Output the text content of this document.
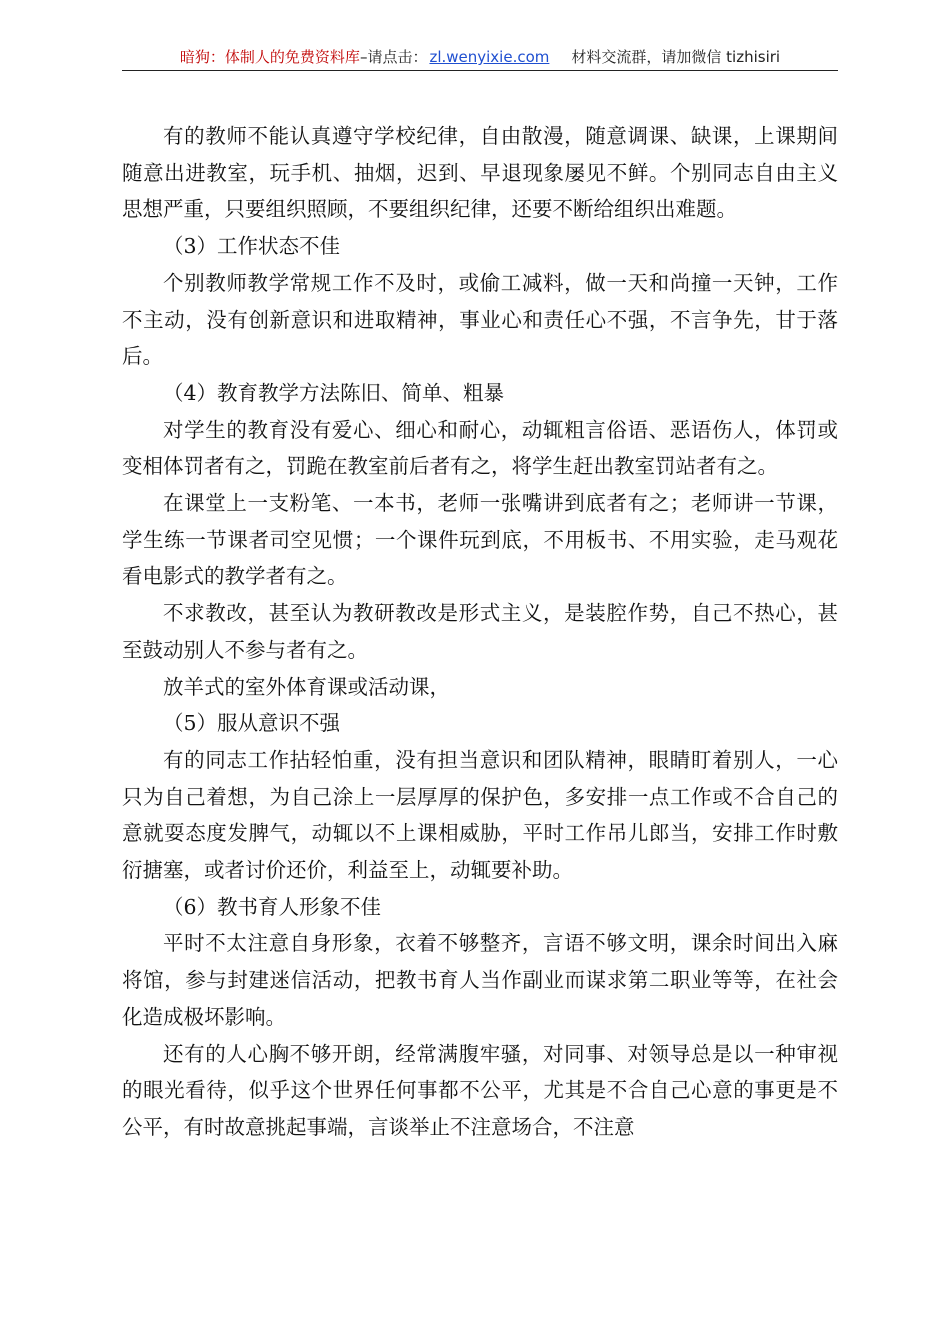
暗狗：体制人的免费资料库–请点击： zl.wenyixie.com 材料交流群，请加微信 tizhisiri

有的教师不能认真遵守学校纪律，自由散漫，随意调课、缺课，上课期间随意出进教室，玩手机、抽烟，迟到、早退现象屡见不鲜。个别同志自由主义思想严重，只要组织照顾，不要组织纪律，还要不断给组织出难题。

（3）工作状态不佳

个别教师教学常规工作不及时，或偷工减料，做一天和尚撞一天钟，工作不主动，没有创新意识和进取精神，事业心和责任心不强，不言争先，甘于落后。

（4）教育教学方法陈旧、简单、粗暴

对学生的教育没有爱心、细心和耐心，动辄粗言俗语、恶语伤人，体罚或变相体罚者有之，罚跪在教室前后者有之，将学生赶出教室罚站者有之。

在课堂上一支粉笔、一本书，老师一张嘴讲到底者有之；老师讲一节课，学生练一节课者司空见惯；一个课件玩到底，不用板书、不用实验，走马观花看电影式的教学者有之。

不求教改，甚至认为教研教改是形式主义，是装腔作势，自己不热心，甚至鼓动别人不参与者有之。

放羊式的室外体育课或活动课，

（5）服从意识不强

有的同志工作拈轻怕重，没有担当意识和团队精神，眼睛盯着别人，一心只为自己着想，为自己涂上一层厚厚的保护色，多安排一点工作或不合自己的意就耍态度发脾气，动辄以不上课相威胁，平时工作吊儿郎当，安排工作时敷衍搪塞，或者讨价还价，利益至上，动辄要补助。

（6）教书育人形象不佳

平时不太注意自身形象，衣着不够整齐，言语不够文明，课余时间出入麻将馆，参与封建迷信活动，把教书育人当作副业而谋求第二职业等等，在社会化造成极坏影响。

还有的人心胸不够开朗，经常满腹牢骚，对同事、对领导总是以一种审视的眼光看待，似乎这个世界任何事都不公平，尤其是不合自己心意的事更是不公平，有时故意挑起事端，言谈举止不注意场合，不注意
